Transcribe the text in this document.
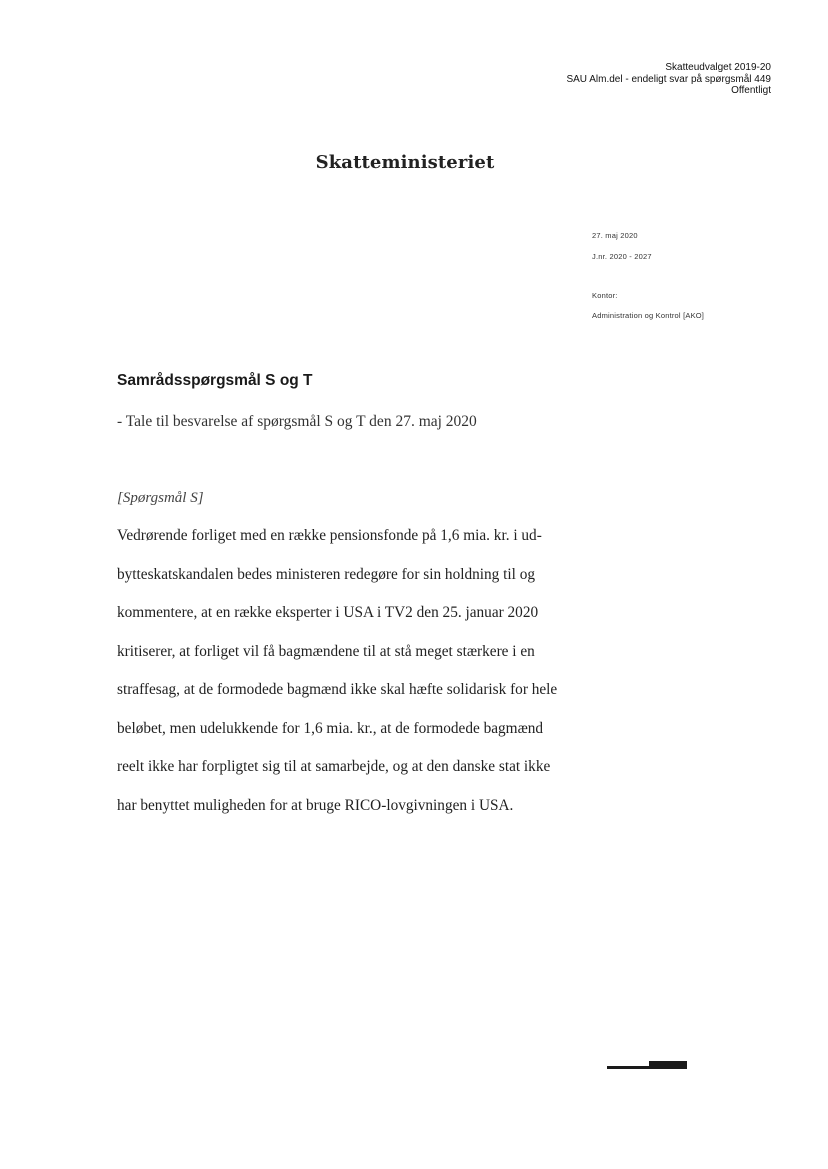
Skatteudvalget 2019-20
SAU Alm.del - endeligt svar på spørgsmål 449
Offentligt
Skatteministeriet
27. maj 2020
J.nr. 2020 - 2027
Kontor:
Administration og Kontrol [AKO]
Samrådsspørgsmål S og T
- Tale til besvarelse af spørgsmål S og T den 27. maj 2020
[Spørgsmål S]
Vedrørende forliget med en række pensionsfonde på 1,6 mia. kr. i ud-
bytteskatskandalen bedes ministeren redegøre for sin holdning til og
kommentere, at en række eksperter i USA i TV2 den 25. januar 2020
kritiserer, at forliget vil få bagmændene til at stå meget stærkere i en
straffesag, at de formodede bagmænd ikke skal hæfte solidarisk for hele
beløbet, men udelukkende for 1,6 mia. kr., at de formodede bagmænd
reelt ikke har forpligtet sig til at samarbejde, og at den danske stat ikke
har benyttet muligheden for at bruge RICO-lovgivningen i USA.
